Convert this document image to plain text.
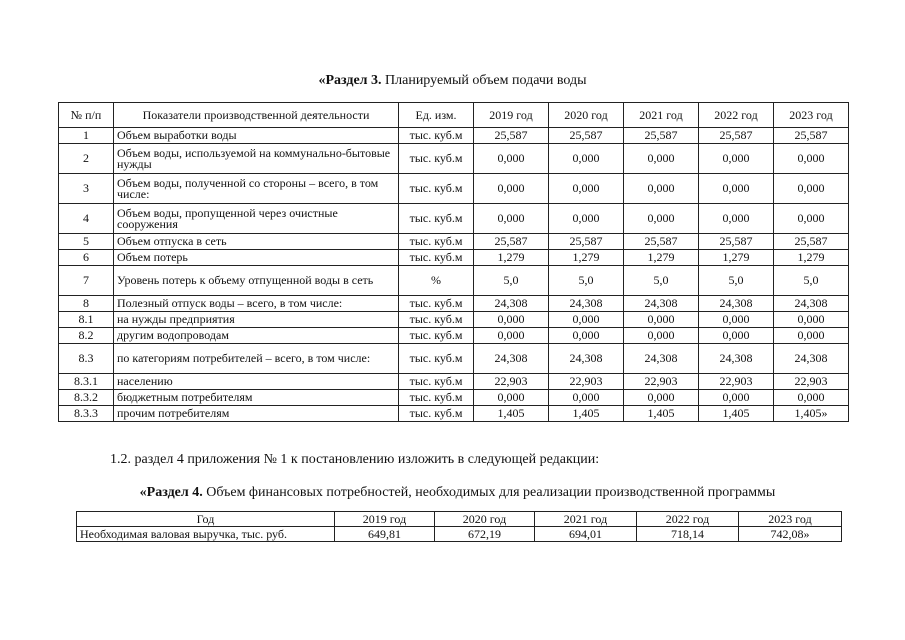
«Раздел 3. Планируемый объем подачи воды
№ п/п	Показатели производственной деятельности	Ед. изм.	2019 год	2020 год	2021 год	2022 год	2023 год
1	Объем выработки воды	тыс. куб.м	25,587	25,587	25,587	25,587	25,587
2	Объем воды, используемой на коммунально-бытовые нужды	тыс. куб.м	0,000	0,000	0,000	0,000	0,000
3	Объем воды, полученной со стороны – всего, в том числе:	тыс. куб.м	0,000	0,000	0,000	0,000	0,000
4	Объем воды, пропущенной через очистные сооружения	тыс. куб.м	0,000	0,000	0,000	0,000	0,000
5	Объем отпуска в сеть	тыс. куб.м	25,587	25,587	25,587	25,587	25,587
6	Объем потерь	тыс. куб.м	1,279	1,279	1,279	1,279	1,279
7	Уровень потерь к объему отпущенной воды в сеть	%	5,0	5,0	5,0	5,0	5,0
8	Полезный отпуск воды – всего, в том числе:	тыс. куб.м	24,308	24,308	24,308	24,308	24,308
8.1	на нужды предприятия	тыс. куб.м	0,000	0,000	0,000	0,000	0,000
8.2	другим водопроводам	тыс. куб.м	0,000	0,000	0,000	0,000	0,000
8.3	по категориям потребителей – всего, в том числе:	тыс. куб.м	24,308	24,308	24,308	24,308	24,308
8.3.1	населению	тыс. куб.м	22,903	22,903	22,903	22,903	22,903
8.3.2	бюджетным потребителям	тыс. куб.м	0,000	0,000	0,000	0,000	0,000
8.3.3	прочим потребителям	тыс. куб.м	1,405	1,405	1,405	1,405	1,405»
1.2. раздел 4 приложения № 1 к постановлению изложить в следующей редакции:
«Раздел 4. Объем финансовых потребностей, необходимых для реализации производственной программы
Год	2019 год	2020 год	2021 год	2022 год	2023 год
Необходимая валовая выручка, тыс. руб.	649,81	672,19	694,01	718,14	742,08»
